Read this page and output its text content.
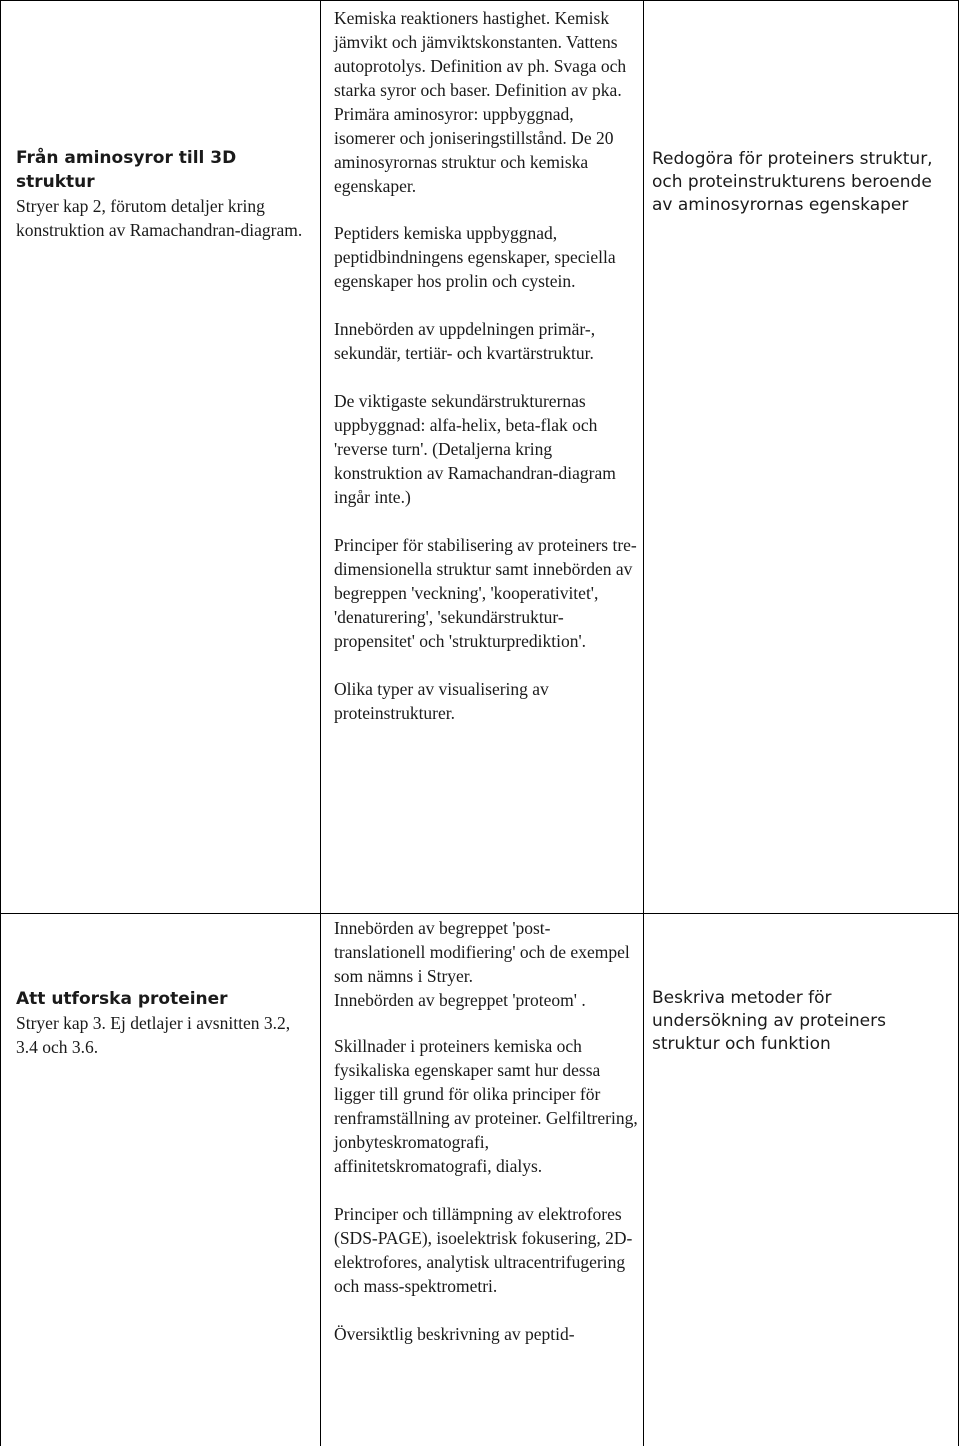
Från aminosyror till 3D struktur

Stryer kap 2, förutom detaljer kring konstruktion av Ramachandran-diagram.

Kemiska reaktioners hastighet. Kemisk jämvikt och jämviktskonstanten. Vattens autoprotolys. Definition av ph. Svaga och starka syror och baser. Definition av pka. Primära aminosyror: uppbyggnad, isomerer och joniseringstillstånd. De 20 aminosyrornas struktur och kemiska egenskaper.

Peptiders kemiska uppbyggnad, peptidbindningens egenskaper, speciella egenskaper hos prolin och cystein.

Innebörden av uppdelningen primär-, sekundär, tertiär- och kvartärstruktur.

De viktigaste sekundärstrukturernas uppbyggnad: alfa-helix, beta-flak och 'reverse turn'. (Detaljerna kring konstruktion av Ramachandran-diagram ingår inte.)

Principer för stabilisering av proteiners tre-dimensionella struktur samt innebörden av begreppen 'veckning', 'kooperativitet', 'denaturering', 'sekundärstruktur-propensitet' och 'strukturprediktion'.

Olika typer av visualisering av proteinstrukturer.

Redogöra för proteiners struktur, och proteinstrukturens beroende av aminosyrornas egenskaper

Att utforska proteiner

Stryer kap 3. Ej detlajer i avsnitten 3.2, 3.4 och 3.6.

Innebörden av begreppet 'post-translationell modifiering' och de exempel som nämns i Stryer.

Innebörden av begreppet 'proteom' .

Skillnader i proteiners kemiska och fysikaliska egenskaper samt hur dessa ligger till grund för olika principer för renframställning av proteiner. Gelfiltrering, jonbyteskromatografi, affinitetskromatografi, dialys.

Principer och tillämpning av elektrofores (SDS-PAGE), isoelektrisk fokusering, 2D-elektrofores, analytisk ultracentrifugering och mass-spektrometri.

Översiktlig beskrivning av peptid-

Beskriva metoder för undersökning av proteiners struktur och funktion
